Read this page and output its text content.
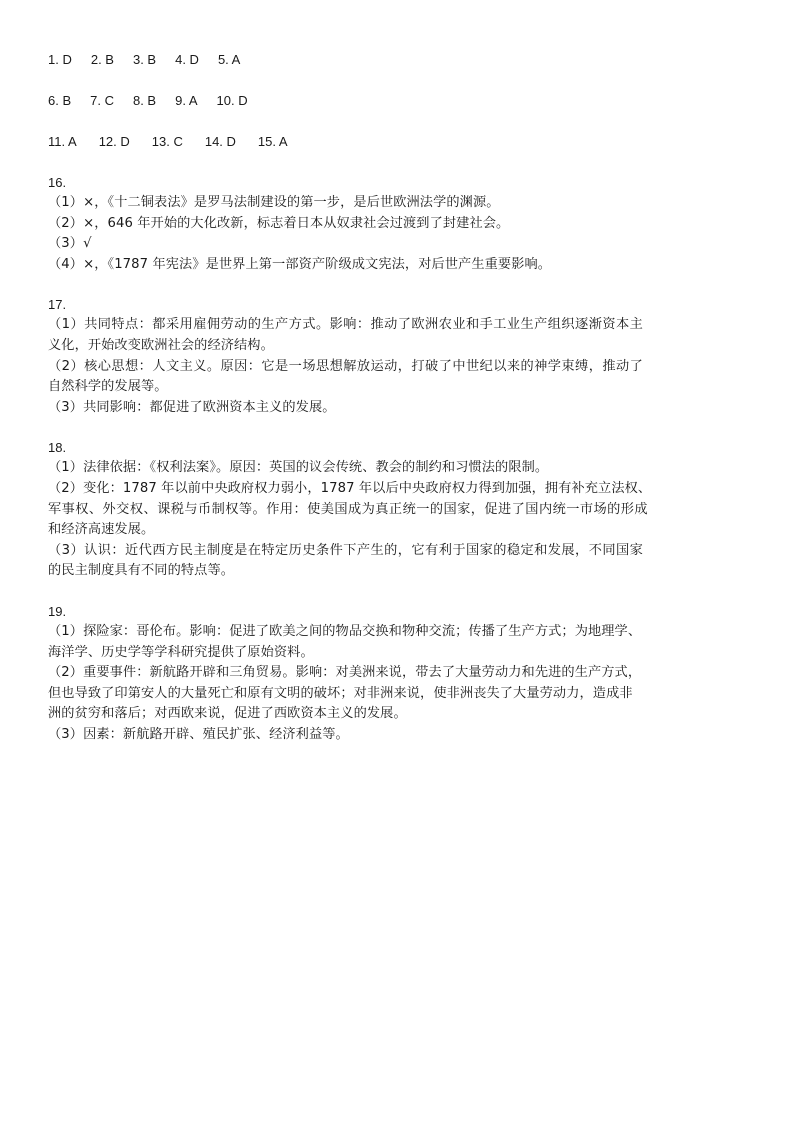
1. D 2. B 3. B 4. D 5. A
6. B 7. C 8. B 9. A 10. D
11. A 12. D 13. C 14. D 15. A
16.
（1）×，《十二铜表法》是罗马法制建设的第一步，是后世欧洲法学的渊源。
（2）×，646 年开始的大化改新，标志着日本从奴隶社会过渡到了封建社会。
（3）√
（4）×，《1787 年宪法》是世界上第一部资产阶级成文宪法，对后世产生重要影响。
17.
（1）共同特点：都采用雇佣劳动的生产方式。影响：推动了欧洲农业和手工业生产组织逐渐资本主
义化，开始改变欧洲社会的经济结构。
（2）核心思想：人文主义。原因：它是一场思想解放运动，打破了中世纪以来的神学束缚，推动了
自然科学的发展等。
（3）共同影响：都促进了欧洲资本主义的发展。
18.
（1）法律依据：《权利法案》。原因：英国的议会传统、教会的制约和习惯法的限制。
（2）变化：1787 年以前中央政府权力弱小，1787 年以后中央政府权力得到加强，拥有补充立法权、
军事权、外交权、课税与币制权等。作用：使美国成为真正统一的国家，促进了国内统一市场的形成
和经济高速发展。
（3）认识：近代西方民主制度是在特定历史条件下产生的，它有利于国家的稳定和发展，不同国家
的民主制度具有不同的特点等。
19.
（1）探险家：哥伦布。影响：促进了欧美之间的物品交换和物种交流；传播了生产方式；为地理学、
海洋学、历史学等学科研究提供了原始资料。
（2）重要事件：新航路开辟和三角贸易。影响：对美洲来说，带去了大量劳动力和先进的生产方式，
但也导致了印第安人的大量死亡和原有文明的破坏；对非洲来说，使非洲丧失了大量劳动力，造成非
洲的贫穷和落后；对西欧来说，促进了西欧资本主义的发展。
（3）因素：新航路开辟、殖民扩张、经济利益等。
